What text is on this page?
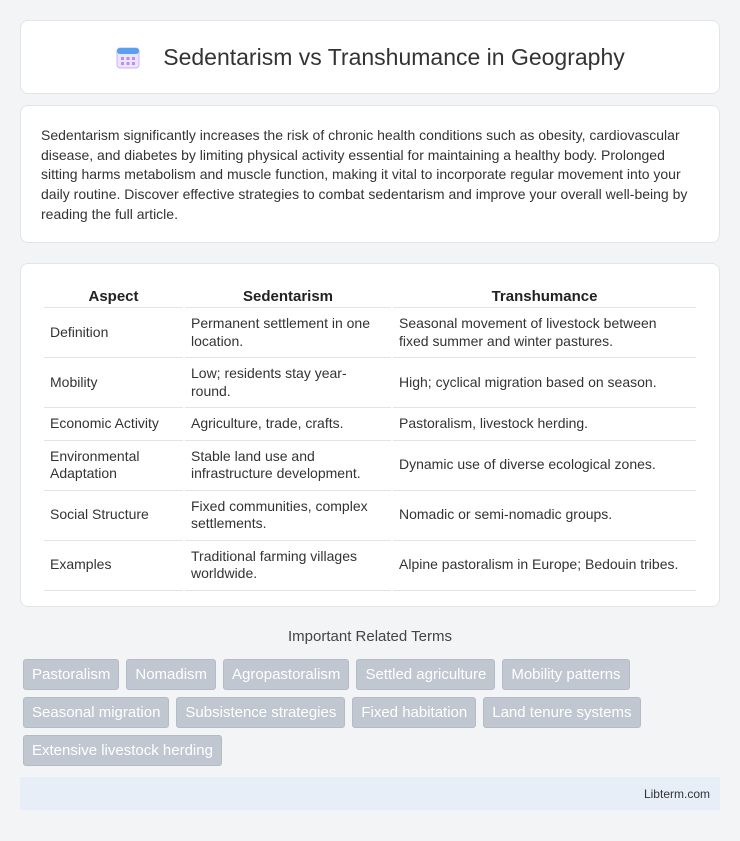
Sedentarism vs Transhumance in Geography

Sedentarism significantly increases the risk of chronic health conditions such as obesity, cardiovascular disease, and diabetes by limiting physical activity essential for maintaining a healthy body. Prolonged sitting harms metabolism and muscle function, making it vital to incorporate regular movement into your daily routine. Discover effective strategies to combat sedentarism and improve your overall well-being by reading the full article.

Aspect	Sedentarism	Transhumance
Definition	Permanent settlement in one location.	Seasonal movement of livestock between fixed summer and winter pastures.
Mobility	Low; residents stay year-round.	High; cyclical migration based on season.
Economic Activity	Agriculture, trade, crafts.	Pastoralism, livestock herding.
Environmental Adaptation	Stable land use and infrastructure development.	Dynamic use of diverse ecological zones.
Social Structure	Fixed communities, complex settlements.	Nomadic or semi-nomadic groups.
Examples	Traditional farming villages worldwide.	Alpine pastoralism in Europe; Bedouin tribes.
Important Related Terms
Pastoralism	Nomadism	Agropastoralism	Settled agriculture	Mobility patterns
Seasonal migration	Subsistence strategies	Fixed habitation	Land tenure systems
Extensive livestock herding
Libterm.com
